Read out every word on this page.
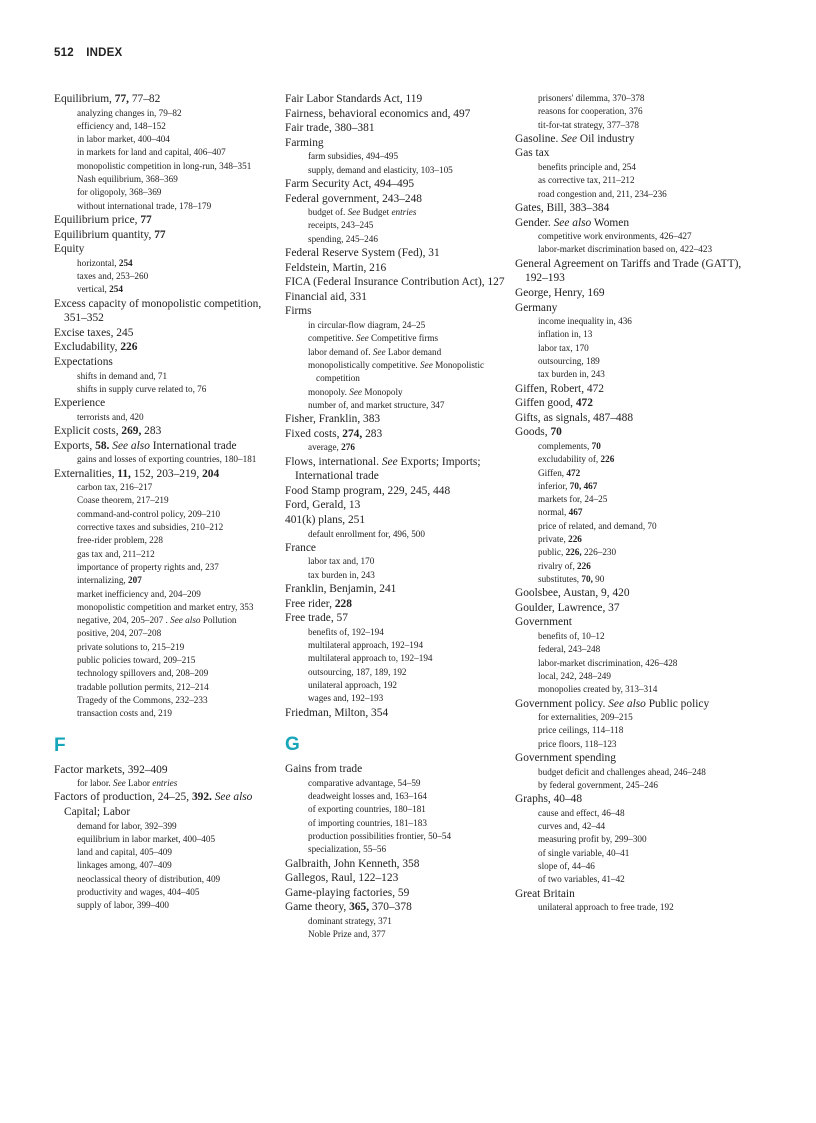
512 INDEX
Equilibrium, 77, 77–82
analyzing changes in, 79–82
efficiency and, 148–152
in labor market, 400–404
in markets for land and capital, 406–407
monopolistic competition in long-run, 348–351
Nash equilibrium, 368–369
for oligopoly, 368–369
without international trade, 178–179
Equilibrium price, 77
Equilibrium quantity, 77
Equity
horizontal, 254
taxes and, 253–260
vertical, 254
Excess capacity of monopolistic competition, 351–352
Excise taxes, 245
Excludability, 226
Expectations
shifts in demand and, 71
shifts in supply curve related to, 76
Experience
terrorists and, 420
Explicit costs, 269, 283
Exports, 58. See also International trade
gains and losses of exporting countries, 180–181
Externalities, 11, 152, 203–219, 204
carbon tax, 216–217
Coase theorem, 217–219
command-and-control policy, 209–210
corrective taxes and subsidies, 210–212
free-rider problem, 228
gas tax and, 211–212
importance of property rights and, 237
internalizing, 207
market inefficiency and, 204–209
monopolistic competition and market entry, 353
negative, 204, 205–207 . See also Pollution
positive, 204, 207–208
private solutions to, 215–219
public policies toward, 209–215
technology spillovers and, 208–209
tradable pollution permits, 212–214
Tragedy of the Commons, 232–233
transaction costs and, 219
F
Factor markets, 392–409
for labor. See Labor entries
Factors of production, 24–25, 392. See also Capital; Labor
demand for labor, 392–399
equilibrium in labor market, 400–405
land and capital, 405–409
linkages among, 407–409
neoclassical theory of distribution, 409
productivity and wages, 404–405
supply of labor, 399–400
Fair Labor Standards Act, 119
Fairness, behavioral economics and, 497
Fair trade, 380–381
Farming
farm subsidies, 494–495
supply, demand and elasticity, 103–105
Farm Security Act, 494–495
Federal government, 243–248
budget of. See Budget entries
receipts, 243–245
spending, 245–246
Federal Reserve System (Fed), 31
Feldstein, Martin, 216
FICA (Federal Insurance Contribution Act), 127
Financial aid, 331
Firms
in circular-flow diagram, 24–25
competitive. See Competitive firms
labor demand of. See Labor demand
monopolistically competitive. See Monopolistic competition
monopoly. See Monopoly
number of, and market structure, 347
Fisher, Franklin, 383
Fixed costs, 274, 283
average, 276
Flows, international. See Exports; Imports; International trade
Food Stamp program, 229, 245, 448
Ford, Gerald, 13
401(k) plans, 251
default enrollment for, 496, 500
France
labor tax and, 170
tax burden in, 243
Franklin, Benjamin, 241
Free rider, 228
Free trade, 57
benefits of, 192–194
multilateral approach, 192–194
multilateral approach to, 192–194
outsourcing, 187, 189, 192
unilateral approach, 192
wages and, 192–193
Friedman, Milton, 354
G
Gains from trade
comparative advantage, 54–59
deadweight losses and, 163–164
of exporting countries, 180–181
of importing countries, 181–183
production possibilities frontier, 50–54
specialization, 55–56
Galbraith, John Kenneth, 358
Gallegos, Raul, 122–123
Game-playing factories, 59
Game theory, 365, 370–378
dominant strategy, 371
Noble Prize and, 377
prisoners' dilemma, 370–378
reasons for cooperation, 376
tit-for-tat strategy, 377–378
Gasoline. See Oil industry
Gas tax
benefits principle and, 254
as corrective tax, 211–212
road congestion and, 211, 234–236
Gates, Bill, 383–384
Gender. See also Women
competitive work environments, 426–427
labor-market discrimination based on, 422–423
General Agreement on Tariffs and Trade (GATT), 192–193
George, Henry, 169
Germany
income inequality in, 436
inflation in, 13
labor tax, 170
outsourcing, 189
tax burden in, 243
Giffen, Robert, 472
Giffen good, 472
Gifts, as signals, 487–488
Goods, 70
complements, 70
excludability of, 226
Giffen, 472
inferior, 70, 467
markets for, 24–25
normal, 467
price of related, and demand, 70
private, 226
public, 226, 226–230
rivalry of, 226
substitutes, 70, 90
Goolsbee, Austan, 9, 420
Goulder, Lawrence, 37
Government
benefits of, 10–12
federal, 243–248
labor-market discrimination, 426–428
local, 242, 248–249
monopolies created by, 313–314
Government policy. See also Public policy
for externalities, 209–215
price ceilings, 114–118
price floors, 118–123
Government spending
budget deficit and challenges ahead, 246–248
by federal government, 245–246
Graphs, 40–48
cause and effect, 46–48
curves and, 42–44
measuring profit by, 299–300
of single variable, 40–41
slope of, 44–46
of two variables, 41–42
Great Britain
unilateral approach to free trade, 192
